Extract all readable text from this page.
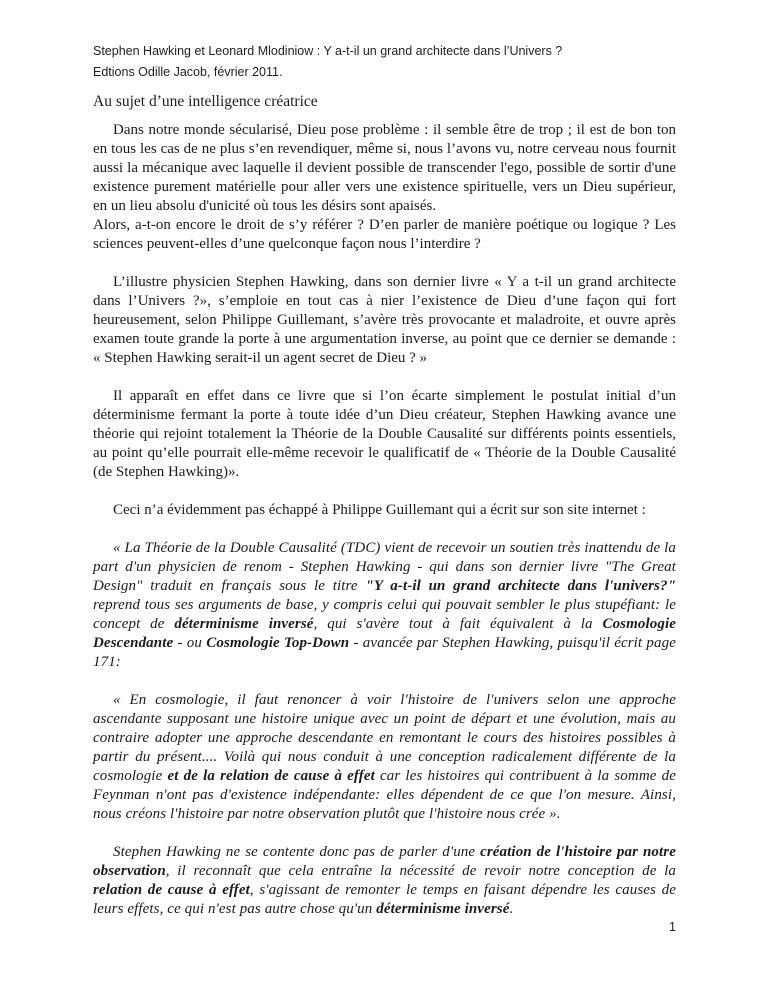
Stephen Hawking et Leonard Mlodiniow : Y a-t-il un grand architecte dans l’Univers ?
Edtions Odille Jacob, février 2011.
Au sujet d’une intelligence créatrice

Dans notre monde sécularisé, Dieu pose problème : il semble être de trop ; il est de bon ton en tous les cas de ne plus s’en revendiquer, même si, nous l’avons vu, notre cerveau nous fournit aussi la mécanique avec laquelle il devient possible de transcender l'ego, possible de sortir d'une existence purement matérielle pour aller vers une existence spirituelle, vers un Dieu supérieur, en un lieu absolu d'unicité où tous les désirs sont apaisés.

Alors, a-t-on encore le droit de s’y référer ? D’en parler de manière poétique ou logique ? Les sciences peuvent-elles d’une quelconque façon nous l’interdire ?

L’illustre physicien Stephen Hawking, dans son dernier livre « Y a t-il un grand architecte dans l’Univers ?», s’emploie en tout cas à nier l’existence de Dieu d’une façon qui fort heureusement, selon Philippe Guillemant, s’avère très provocante et maladroite, et ouvre après examen toute grande la porte à une argumentation inverse, au point que ce dernier se demande : « Stephen Hawking serait-il un agent secret de Dieu ? »

Il apparaît en effet dans ce livre que si l’on écarte simplement le postulat initial d’un déterminisme fermant la porte à toute idée d’un Dieu créateur, Stephen Hawking avance une théorie qui rejoint totalement la Théorie de la Double Causalité sur différents points essentiels, au point qu’elle pourrait elle-même recevoir le qualificatif de « Théorie de la Double Causalité (de Stephen Hawking)».

Ceci n’a évidemment pas échappé à Philippe Guillemant qui a écrit sur son site internet :

« La Théorie de la Double Causalité (TDC) vient de recevoir un soutien très inattendu de la part d'un physicien de renom - Stephen Hawking - qui dans son dernier livre "The Great Design" traduit en français sous le titre "Y a-t-il un grand architecte dans l'univers?" reprend tous ses arguments de base, y compris celui qui pouvait sembler le plus stupéfiant: le concept de déterminisme inversé, qui s'avère tout à fait équivalent à la Cosmologie Descendante - ou Cosmologie Top-Down - avancée par Stephen Hawking, puisqu'il écrit page 171:

« En cosmologie, il faut renoncer à voir l'histoire de l'univers selon une approche ascendante supposant une histoire unique avec un point de départ et une évolution, mais au contraire adopter une approche descendante en remontant le cours des histoires possibles à partir du présent.... Voilà qui nous conduit à une conception radicalement différente de la cosmologie et de la relation de cause à effet car les histoires qui contribuent à la somme de Feynman n'ont pas d'existence indépendante: elles dépendent de ce que l'on mesure. Ainsi, nous créons l'histoire par notre observation plutôt que l'histoire nous crée ».

Stephen Hawking ne se contente donc pas de parler d'une création de l'histoire par notre observation, il reconnaît que cela entraîne la nécessité de revoir notre conception de la relation de cause à effet, s'agissant de remonter le temps en faisant dépendre les causes de leurs effets, ce qui n'est pas autre chose qu'un déterminisme inversé.

1
